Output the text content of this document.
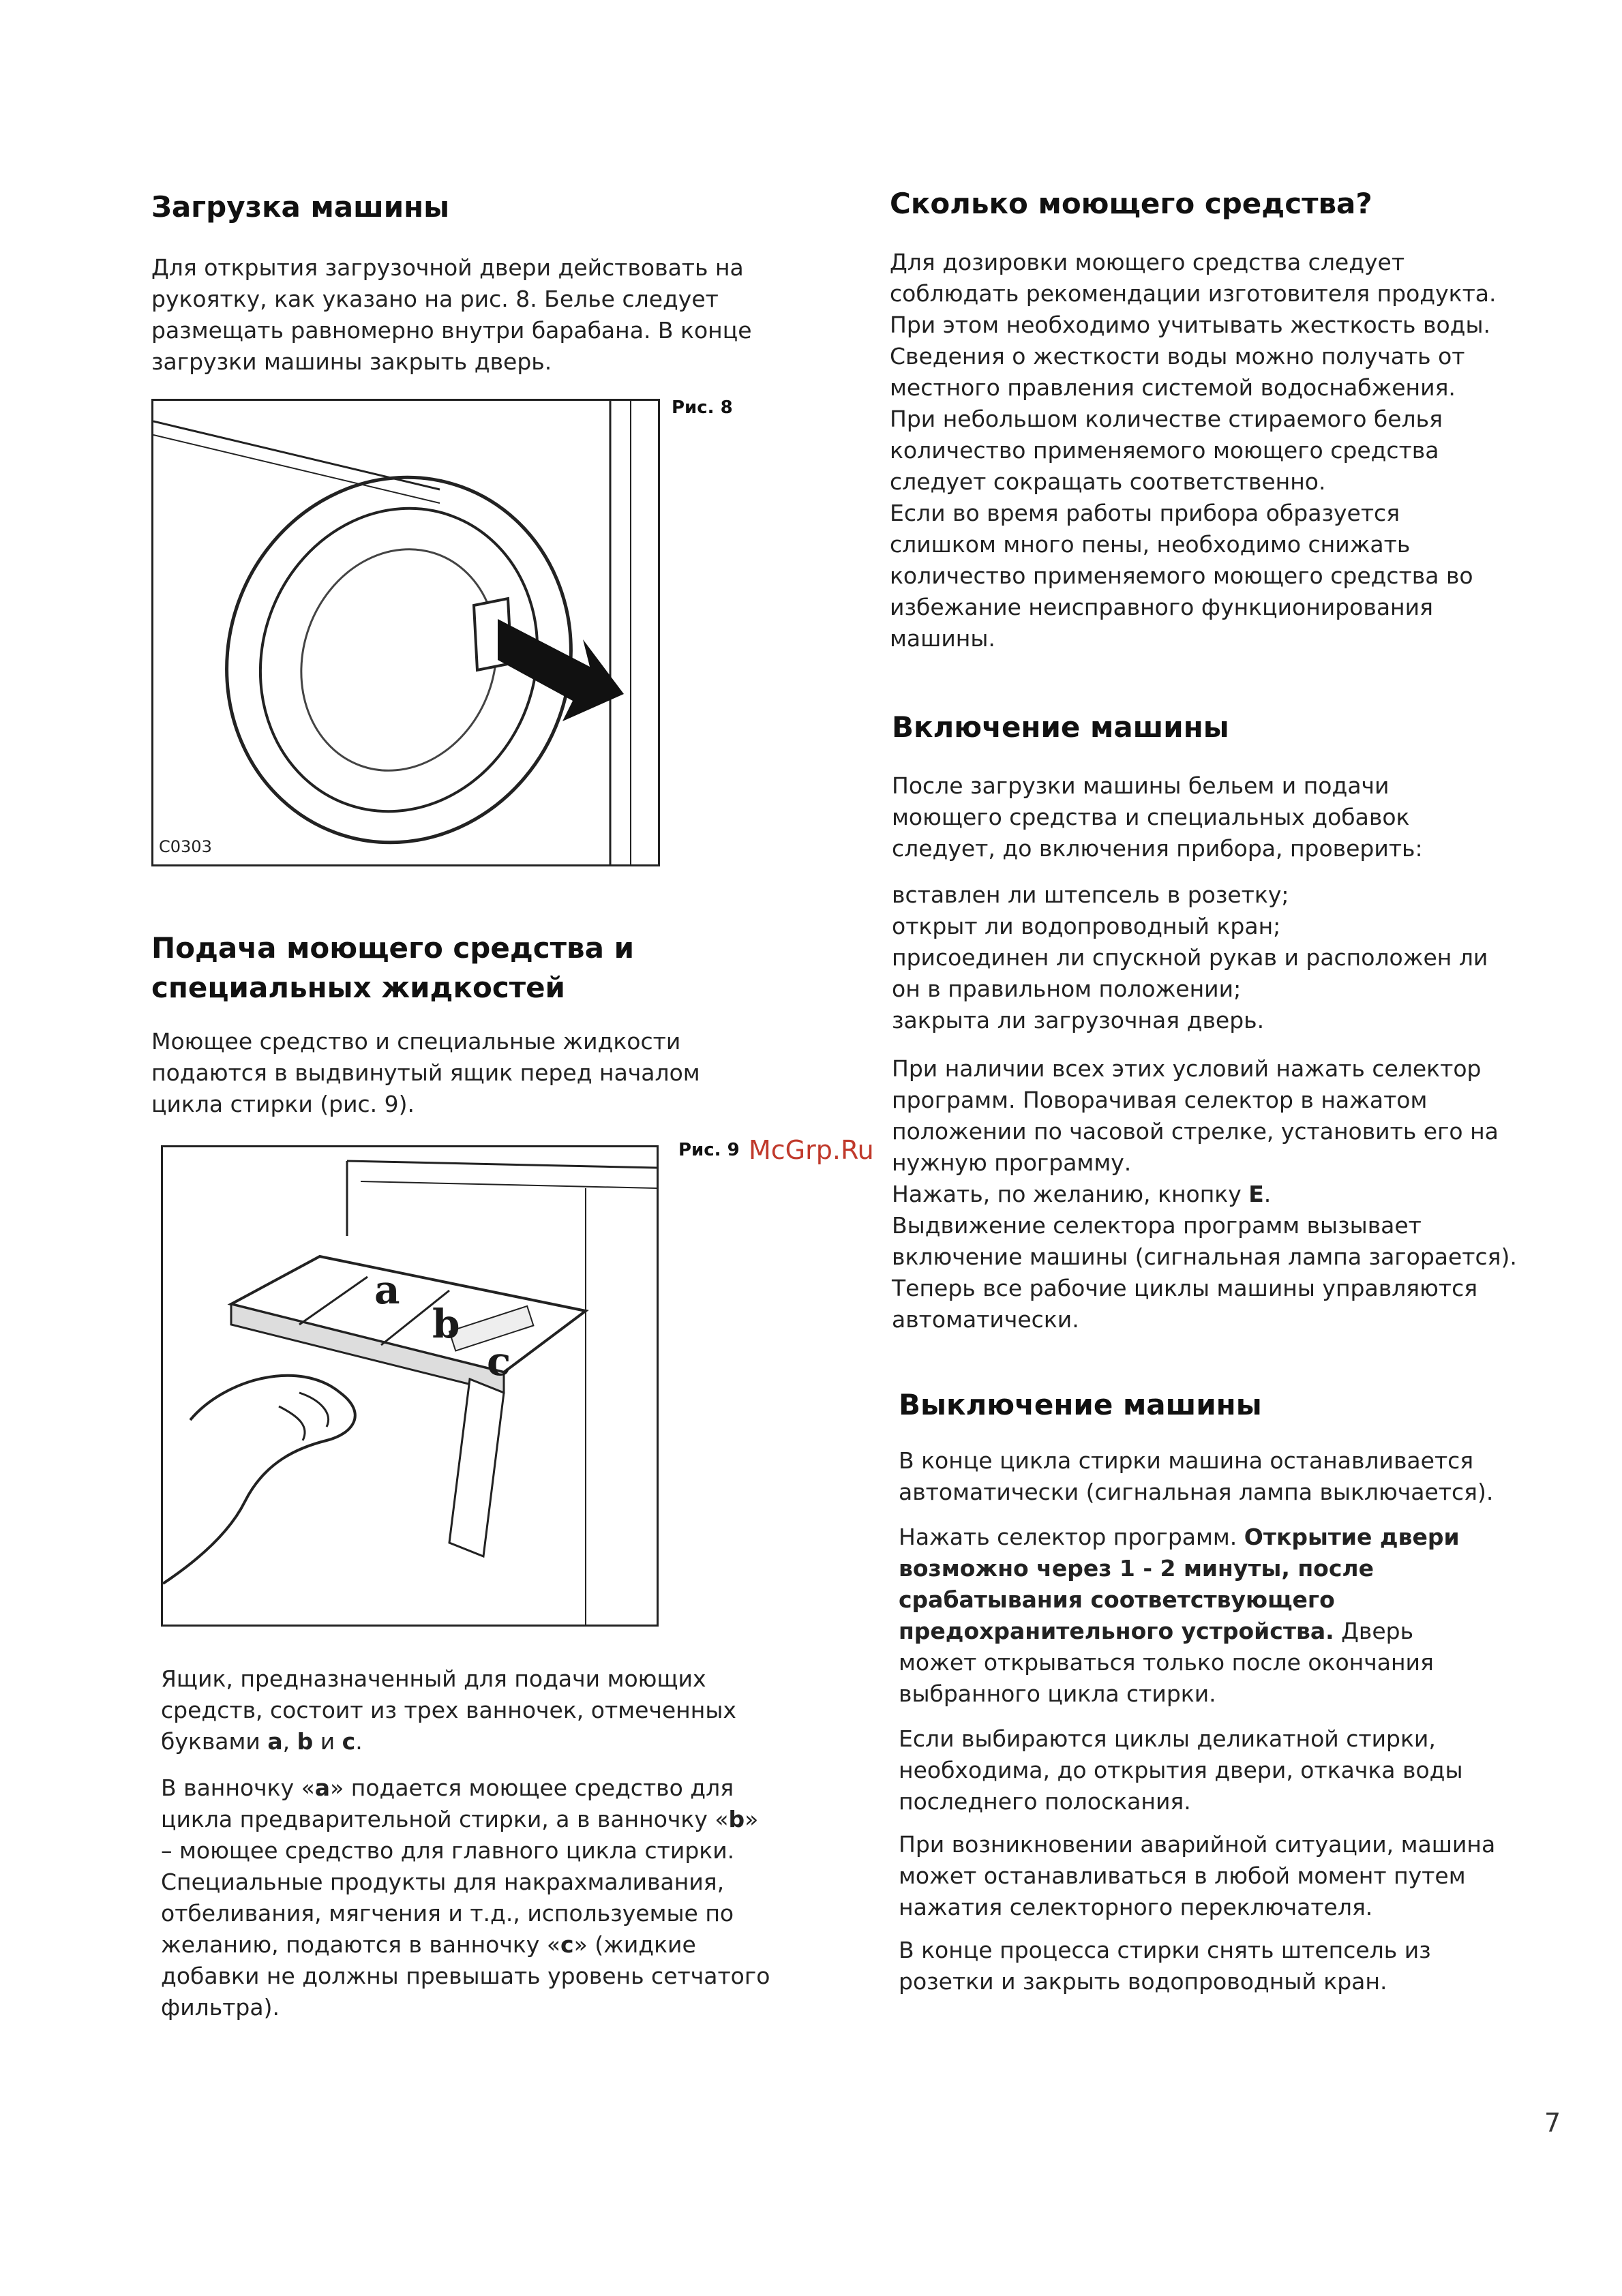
Загрузка машины

Для открытия загрузочной двери действовать на
рукоятку, как указано на рис. 8. Белье следует
размещать равномерно внутри барабана. В конце
загрузки машины закрыть дверь.

C0303
Рис. 8
Подача моющего средства и
специальных жидкостей

Моющее средство и специальные жидкости
подаются в выдвинутый ящик перед началом
цикла стирки (рис. 9).

a
b
c
Рис. 9

Ящик, предназначенный для подачи моющих
средств, состоит из трех ванночек, отмеченных
буквами a, b и c.

В ванночку «a» подается моющее средство для
цикла предварительной стирки, а в ванночку «b»
– моющее средство для главного цикла стирки.
Специальные продукты для накрахмаливания,
отбеливания, мягчения и т.д., используемые по
желанию, подаются в ванночку «c» (жидкие
добавки не должны превышать уровень сетчатого
фильтра).

Сколько моющего средства?

Для дозировки моющего средства следует
соблюдать рекомендации изготовителя продукта.
При этом необходимо учитывать жесткость воды.
Сведения о жесткости воды можно получать от
местного правления системой водоснабжения.
При небольшом количестве стираемого белья
количество применяемого моющего средства
следует сокращать соответственно.
Если во время работы прибора образуется
слишком много пены, необходимо снижать
количество применяемого моющего средства во
избежание неисправного функционирования
машины.

Включение машины

После загрузки машины бельем и подачи
моющего средства и специальных добавок
следует, до включения прибора, проверить:

вставлен ли штепсель в розетку;
открыт ли водопроводный кран;
присоединен ли спускной рукав и расположен ли
он в правильном положении;
закрыта ли загрузочная дверь.

При наличии всех этих условий нажать селектор
программ. Поворачивая селектор в нажатом
положении по часовой стрелке, установить его на
нужную программу.
Нажать, по желанию, кнопку E.
Выдвижение селектора программ вызывает
включение машины (сигнальная лампа загорается).
Теперь все рабочие циклы машины управляются
автоматически.

Выключение машины

В конце цикла стирки машина останавливается
автоматически (сигнальная лампа выключается).

Нажать селектор программ. Открытие двери
возможно через 1 - 2 минуты, после
срабатывания соответствующего
предохранительного устройства. Дверь
может открываться только после окончания
выбранного цикла стирки.

Если выбираются циклы деликатной стирки,
необходима, до открытия двери, откачка воды
последнего полоскания.

При возникновении аварийной ситуации, машина
может останавливаться в любой момент путем
нажатия селекторного переключателя.

В конце процесса стирки снять штепсель из
розетки и закрыть водопроводный кран.

McGrp.Ru
7
